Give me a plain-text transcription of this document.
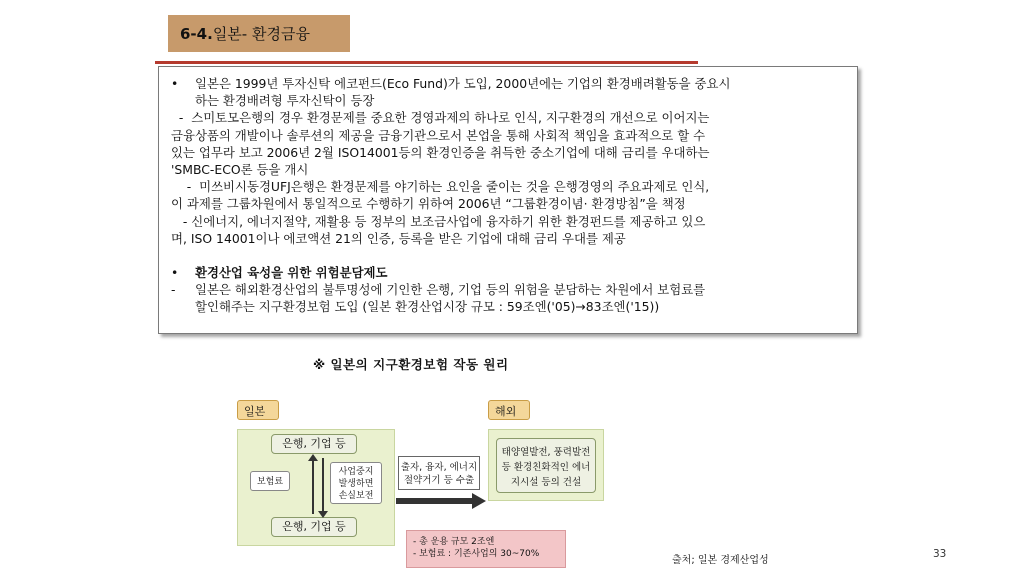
6-4.일본- 환경금융
• 일본은 1999년 투자신탁 에코펀드(Eco Fund)가 도입, 2000년에는 기업의 환경배려활동을 중요시
하는 환경배려형 투자신탁이 등장
-  스미토모은행의 경우 환경문제를 중요한 경영과제의 하나로 인식, 지구환경의 개선으로 이어지는
금융상품의 개발이나 솔루션의 제공을 금융기관으로서 본업을 통해 사회적 책임을 효과적으로 할 수
있는 업무라 보고 2006년 2월 ISO14001등의 환경인증을 취득한 중소기업에 대해 금리를 우대하는
'SMBC-ECO론 등을 개시
-  미쓰비시동경UFJ은행은 환경문제를 야기하는 요인을 줄이는 것을 은행경영의 주요과제로 인식,
이 과제를 그룹차원에서 통일적으로 수행하기 위하여 2006년 “그룹환경이념· 환경방침”을 책정
- 신에너지, 에너지절약, 재활용 등 정부의 보조금사업에 융자하기 위한 환경펀드를 제공하고 있으
며, ISO 14001이나 에코액션 21의 인증, 등록을 받은 기업에 대해 금리 우대를 제공
• 환경산업 육성을 위한 위험분담제도
- 일본은 해외환경산업의 불투명성에 기인한 은행, 기업 등의 위험을 분담하는 차원에서 보험료를
할인해주는 지구환경보험 도입 (일본 환경산업시장 규모 : 59조엔('05)→83조엔('15))
※ 일본의 지구환경보험 작동 원리
일본
은행, 기업 등
은행, 기업 등
보험료
사업중지
발생하면
손실보전
출자, 융자, 에너지
절약거기 등 수출
해외
태양열발전, 풍력발전
등 환경친화적인 에너
지시설 등의 건설
- 총 운용 규모 2조엔
- 보험료 : 기존사업의 30~70%
출처; 일본 경제산업성
33
